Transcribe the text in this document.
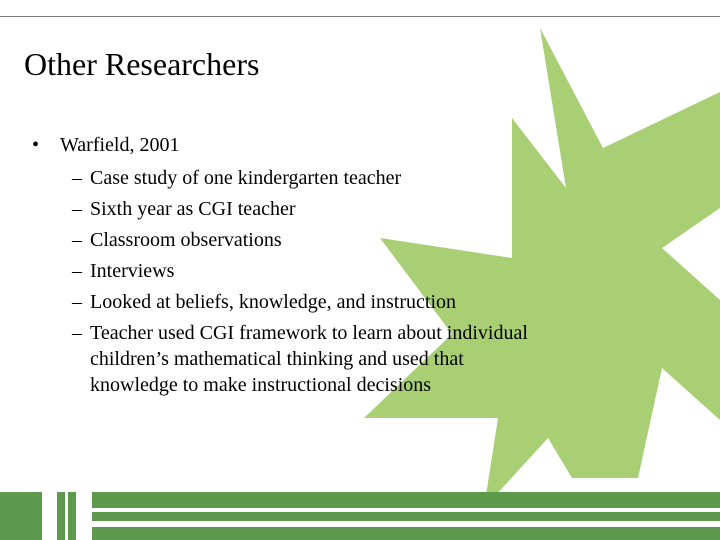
Other Researchers
• Warfield, 2001
– Case study of one kindergarten teacher
– Sixth year as CGI teacher
– Classroom observations
– Interviews
– Looked at beliefs, knowledge, and instruction
– Teacher used CGI framework to learn about individual children’s mathematical thinking and used that knowledge to make instructional decisions
